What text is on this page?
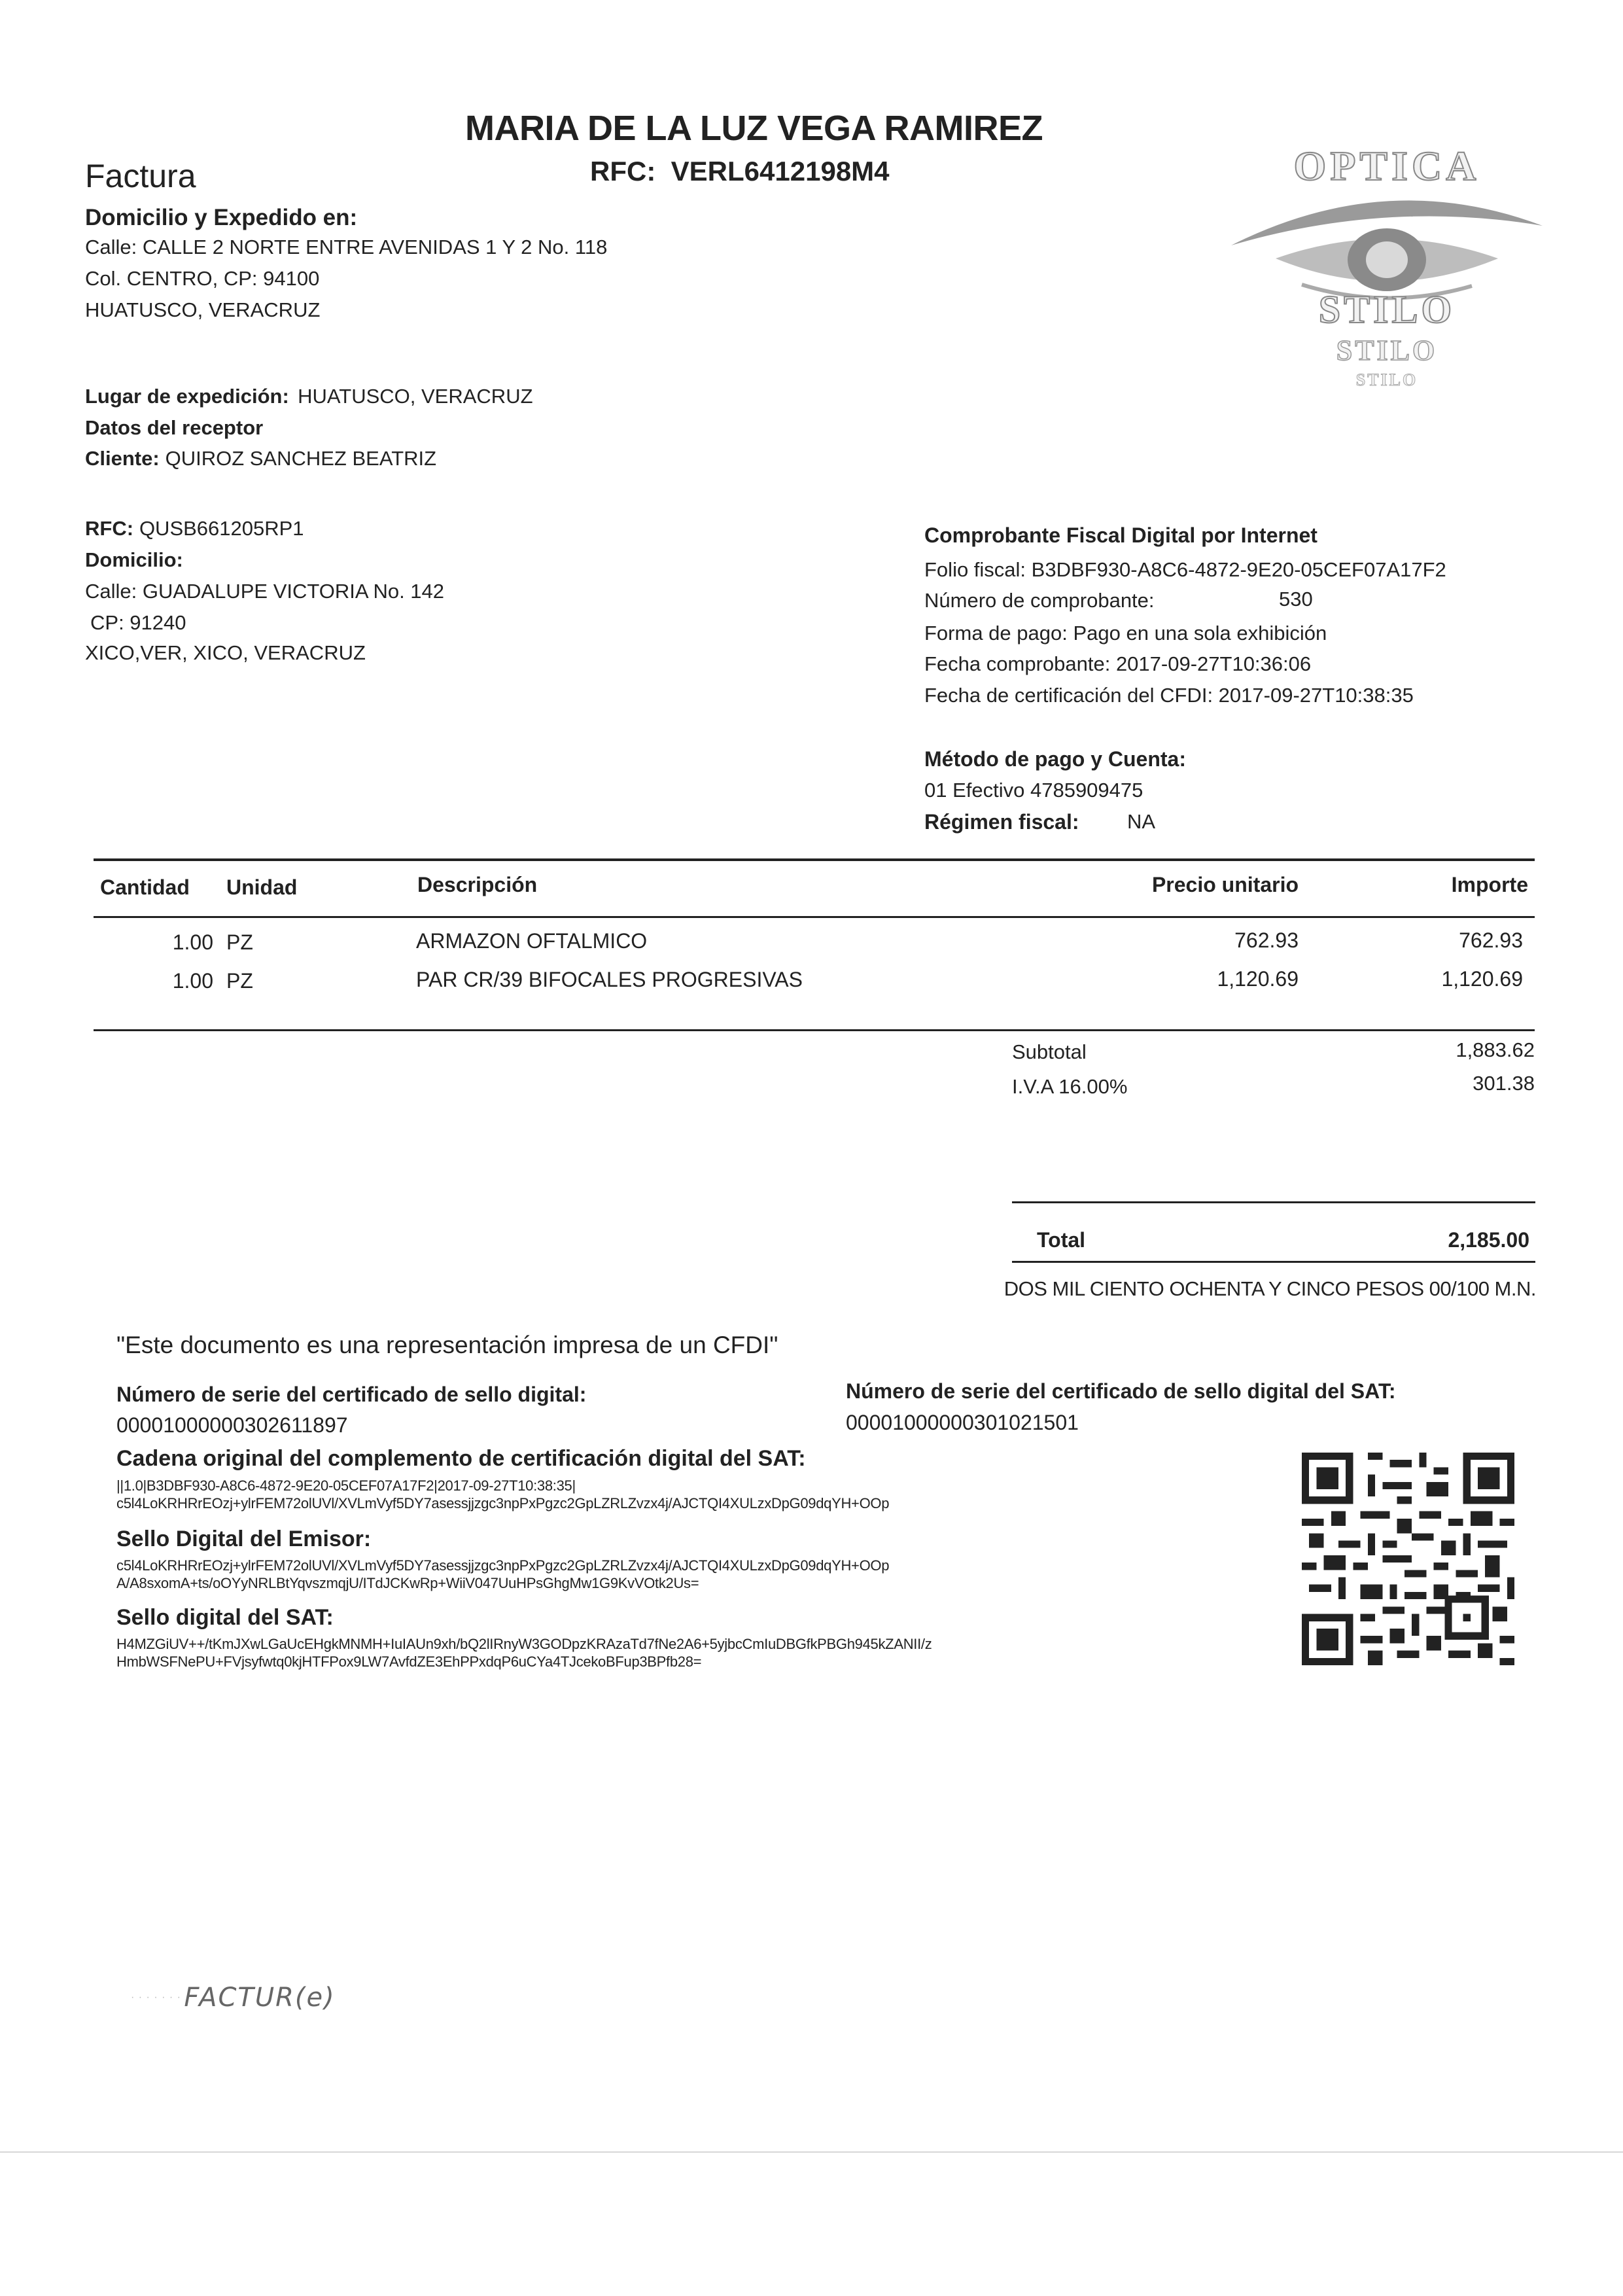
Factura
MARIA DE LA LUZ VEGA RAMIREZ
RFC: VERL6412198M4	OPTICA
STILO
STILO
STILO
Domicilio y Expedido en:
Calle: CALLE 2 NORTE ENTRE AVENIDAS 1 Y 2 No. 118
Col. CENTRO, CP: 94100
HUATUSCO, VERACRUZ
Lugar de expedición: HUATUSCO, VERACRUZ
Datos del receptor
Cliente: QUIROZ SANCHEZ BEATRIZ
RFC: QUSB661205RP1
Domicilio:
Calle: GUADALUPE VICTORIA No. 142
CP: 91240
XICO,VER, XICO, VERACRUZ
Comprobante Fiscal Digital por Internet
Folio fiscal: B3DBF930-A8C6-4872-9E20-05CEF07A17F2
Número de comprobante:	530
Forma de pago: Pago en una sola exhibición
Fecha comprobante: 2017-09-27T10:36:06
Fecha de certificación del CFDI: 2017-09-27T10:38:35
Método de pago y Cuenta:
01 Efectivo 4785909475
Régimen fiscal: NA
Cantidad Unidad	Descripción	Precio unitario	Importe
1.00 PZ	ARMAZON OFTALMICO	762.93	762.93
1.00 PZ	PAR CR/39 BIFOCALES PROGRESIVAS	1,120.69	1,120.69
Subtotal	1,883.62
I.V.A 16.00%	301.38
Total	2,185.00
DOS MIL CIENTO OCHENTA Y CINCO PESOS 00/100 M.N.
"Este documento es una representación impresa de un CFDI"
Número de serie del certificado de sello digital:
00001000000302611897
Número de serie del certificado de sello digital del SAT:
00001000000301021501
Cadena original del complemento de certificación digital del SAT:
||1.0|B3DBF930-A8C6-4872-9E20-05CEF07A17F2|2017-09-27T10:38:35|
c5l4LoKRHRrEOzj+ylrFEM72olUVl/XVLmVyf5DY7asessjjzgc3npPxPgzc2GpLZRLZvzx4j/AJCTQI4XULzxDpG09dqYH+OOp
Sello Digital del Emisor:
c5l4LoKRHRrEOzj+ylrFEM72olUVl/XVLmVyf5DY7asessjjzgc3npPxPgzc2GpLZRLZvzx4j/AJCTQI4XULzxDpG09dqYH+OOp
A/A8sxomA+ts/oOYyNRLBtYqvszmqjU/ITdJCKwRp+WiiV047UuHPsGhgMw1G9KvVOtk2Us=
Sello digital del SAT:
H4MZGiUV++/tKmJXwLGaUcEHgkMNMH+IuIAUn9xh/bQ2lIRnyW3GODpzKRAzaTd7fNe2A6+5yjbcCmIuDBGfkPBGh945kZANII/z
HmbWSFNePU+FVjsyfwtq0kjHTFPox9LW7AvfdZE3EhPPxdqP6uCYa4TJcekoBFup3BPfb28=
· · · · · · · FACTUR(e)
